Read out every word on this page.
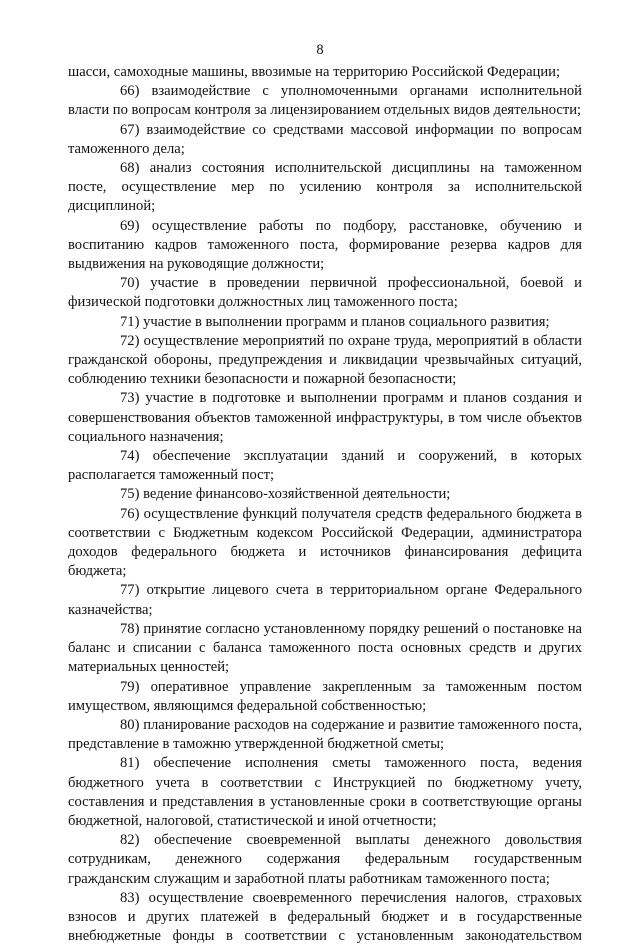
8

шасси, самоходные машины, ввозимые на территорию Российской Федерации;

66) взаимодействие с уполномоченными органами исполнительной власти по вопросам контроля за лицензированием отдельных видов деятельности;

67) взаимодействие со средствами массовой информации по вопросам таможенного дела;

68) анализ состояния исполнительской дисциплины на таможенном посте, осуществление мер по усилению контроля за исполнительской дисциплиной;

69) осуществление работы по подбору, расстановке, обучению и воспитанию кадров таможенного поста, формирование резерва кадров для выдвижения на руководящие должности;

70) участие в проведении первичной профессиональной, боевой и физической подготовки должностных лиц таможенного поста;

71) участие в выполнении программ и планов социального развития;

72) осуществление мероприятий по охране труда, мероприятий в области гражданской обороны, предупреждения и ликвидации чрезвычайных ситуаций, соблюдению техники безопасности и пожарной безопасности;

73) участие в подготовке и выполнении программ и планов создания и совершенствования объектов таможенной инфраструктуры, в том числе объектов социального назначения;

74) обеспечение эксплуатации зданий и сооружений, в которых располагается таможенный пост;

75) ведение финансово-хозяйственной деятельности;

76) осуществление функций получателя средств федерального бюджета в соответствии с Бюджетным кодексом Российской Федерации, администратора доходов федерального бюджета и источников финансирования дефицита бюджета;

77) открытие лицевого счета в территориальном органе Федерального казначейства;

78) принятие согласно установленному порядку решений о постановке на баланс и списании с баланса таможенного поста основных средств и других материальных ценностей;

79) оперативное управление закрепленным за таможенным постом имуществом, являющимся федеральной собственностью;

80) планирование расходов на содержание и развитие таможенного поста, представление в таможню утвержденной бюджетной сметы;

81) обеспечение исполнения сметы таможенного поста, ведения бюджетного учета в соответствии с Инструкцией по бюджетному учету, составления и представления в установленные сроки в соответствующие органы бюджетной, налоговой, статистической и иной отчетности;

82) обеспечение своевременной выплаты денежного довольствия сотрудникам, денежного содержания федеральным государственным гражданским служащим и заработной платы работникам таможенного поста;

83) осуществление своевременного перечисления налогов, страховых взносов и других платежей в федеральный бюджет и в государственные внебюджетные фонды в соответствии с установленным законодательством
